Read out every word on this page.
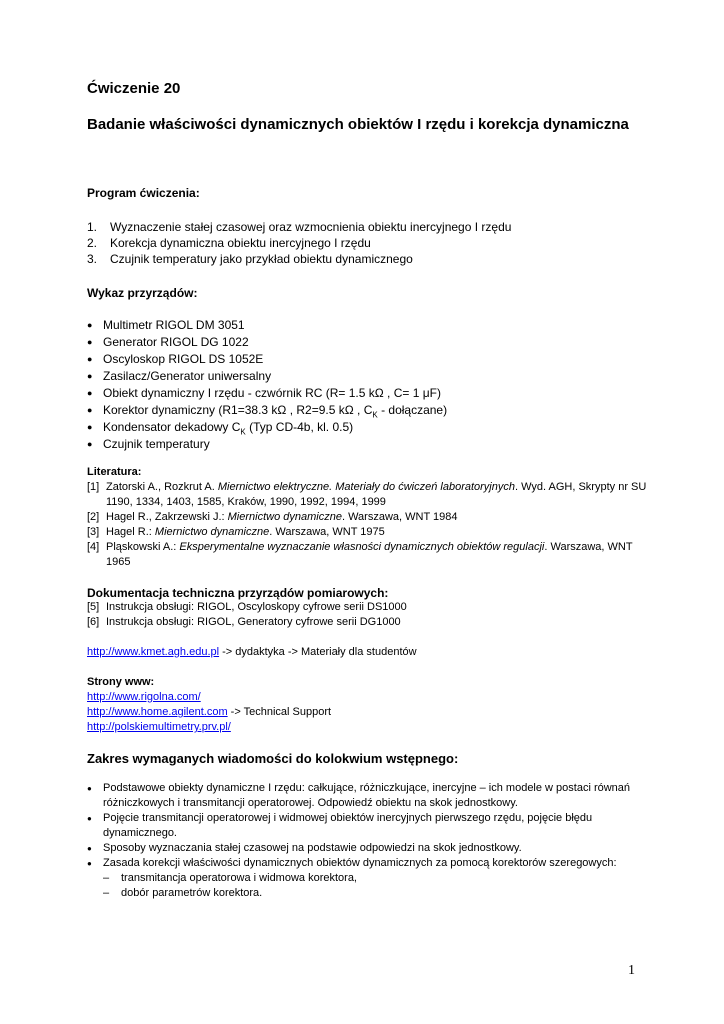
Ćwiczenie 20

Badanie właściwości dynamicznych obiektów I rzędu i korekcja dynamiczna

Program ćwiczenia:
1.	Wyznaczenie stałej czasowej oraz wzmocnienia obiektu inercyjnego I rzędu
2.	Korekcja dynamiczna obiektu inercyjnego I rzędu
3.	Czujnik temperatury jako przykład obiektu dynamicznego
Wykaz przyrządów:
● Multimetr RIGOL DM 3051
● Generator RIGOL DG 1022
● Oscyloskop RIGOL DS 1052E
● Zasilacz/Generator uniwersalny
● Obiekt dynamiczny I rzędu - czwórnik RC (R= 1.5 kΩ , C= 1 μF)
● Korektor dynamiczny (R1=38.3 kΩ , R2=9.5 kΩ , $C_K$ - dołączane)
● Kondensator dekadowy $C_K$ (Typ CD-4b, kl. 0.5)
● Czujnik temperatury
Literatura:
[1] Zatorski A., Rozkrut A. Miernictwo elektryczne. Materiały do ćwiczeń laboratoryjnych. Wyd. AGH, Skrypty nr SU 1190, 1334, 1403, 1585, Kraków, 1990, 1992, 1994, 1999
[2] Hagel R., Zakrzewski J.: Miernictwo dynamiczne. Warszawa, WNT 1984
[3] Hagel R.: Miernictwo dynamiczne. Warszawa, WNT 1975
[4] Pląskowski A.: Eksperymentalne wyznaczanie własności dynamicznych obiektów regulacji. Warszawa, WNT 1965
Dokumentacja techniczna przyrządów pomiarowych:
[5] Instrukcja obsługi: RIGOL, Oscyloskopy cyfrowe serii DS1000
[6] Instrukcja obsługi: RIGOL, Generatory cyfrowe serii DG1000
http://www.kmet.agh.edu.pl -> dydaktyka -> Materiały dla studentów
Strony www:
http://www.rigolna.com/
http://www.home.agilent.com -> Technical Support
http://polskiemultimetry.prv.pl/
Zakres wymaganych wiadomości do kolokwium wstępnego:
●	Podstawowe obiekty dynamiczne I rzędu: całkujące, różniczkujące, inercyjne – ich modele w postaci równań różniczkowych i transmitancji operatorowej. Odpowiedź obiektu na skok jednostkowy.
●	Pojęcie transmitancji operatorowej i widmowej obiektów inercyjnych pierwszego rzędu, pojęcie błędu dynamicznego.
●	Sposoby wyznaczania stałej czasowej na podstawie odpowiedzi na skok jednostkowy.
●	Zasada korekcji właściwości dynamicznych obiektów dynamicznych za pomocą korektorów szeregowych:
–	transmitancja operatorowa i widmowa korektora,
–	dobór parametrów korektora.
1
